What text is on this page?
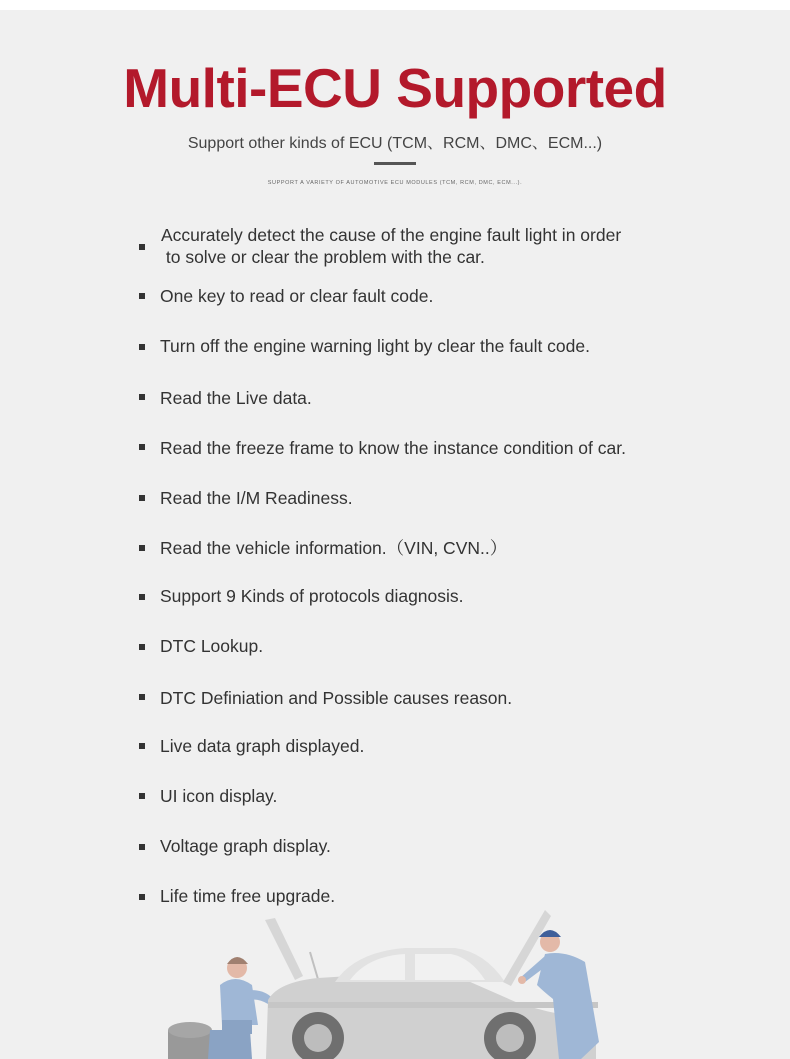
Multi-ECU Supported
Support other kinds of ECU (TCM、RCM、DMC、ECM...)
SUPPORT A VARIETY OF AUTOMOTIVE ECU MODULES (TCM, RCM, DMC, ECM...).
Accurately detect the cause of the engine fault light in order
to solve or clear the problem with the car.
One key to read or clear fault code.
Turn off the engine warning light by clear the fault code.
Read the Live data.
Read the freeze frame to know the instance condition of car.
Read the I/M Readiness.
Read the vehicle information.（VIN, CVN..）
Support 9 Kinds of protocols diagnosis.
DTC Lookup.
DTC Definiation and Possible causes reason.
Live data graph displayed.
UI icon display.
Voltage graph display.
Life time free upgrade.
